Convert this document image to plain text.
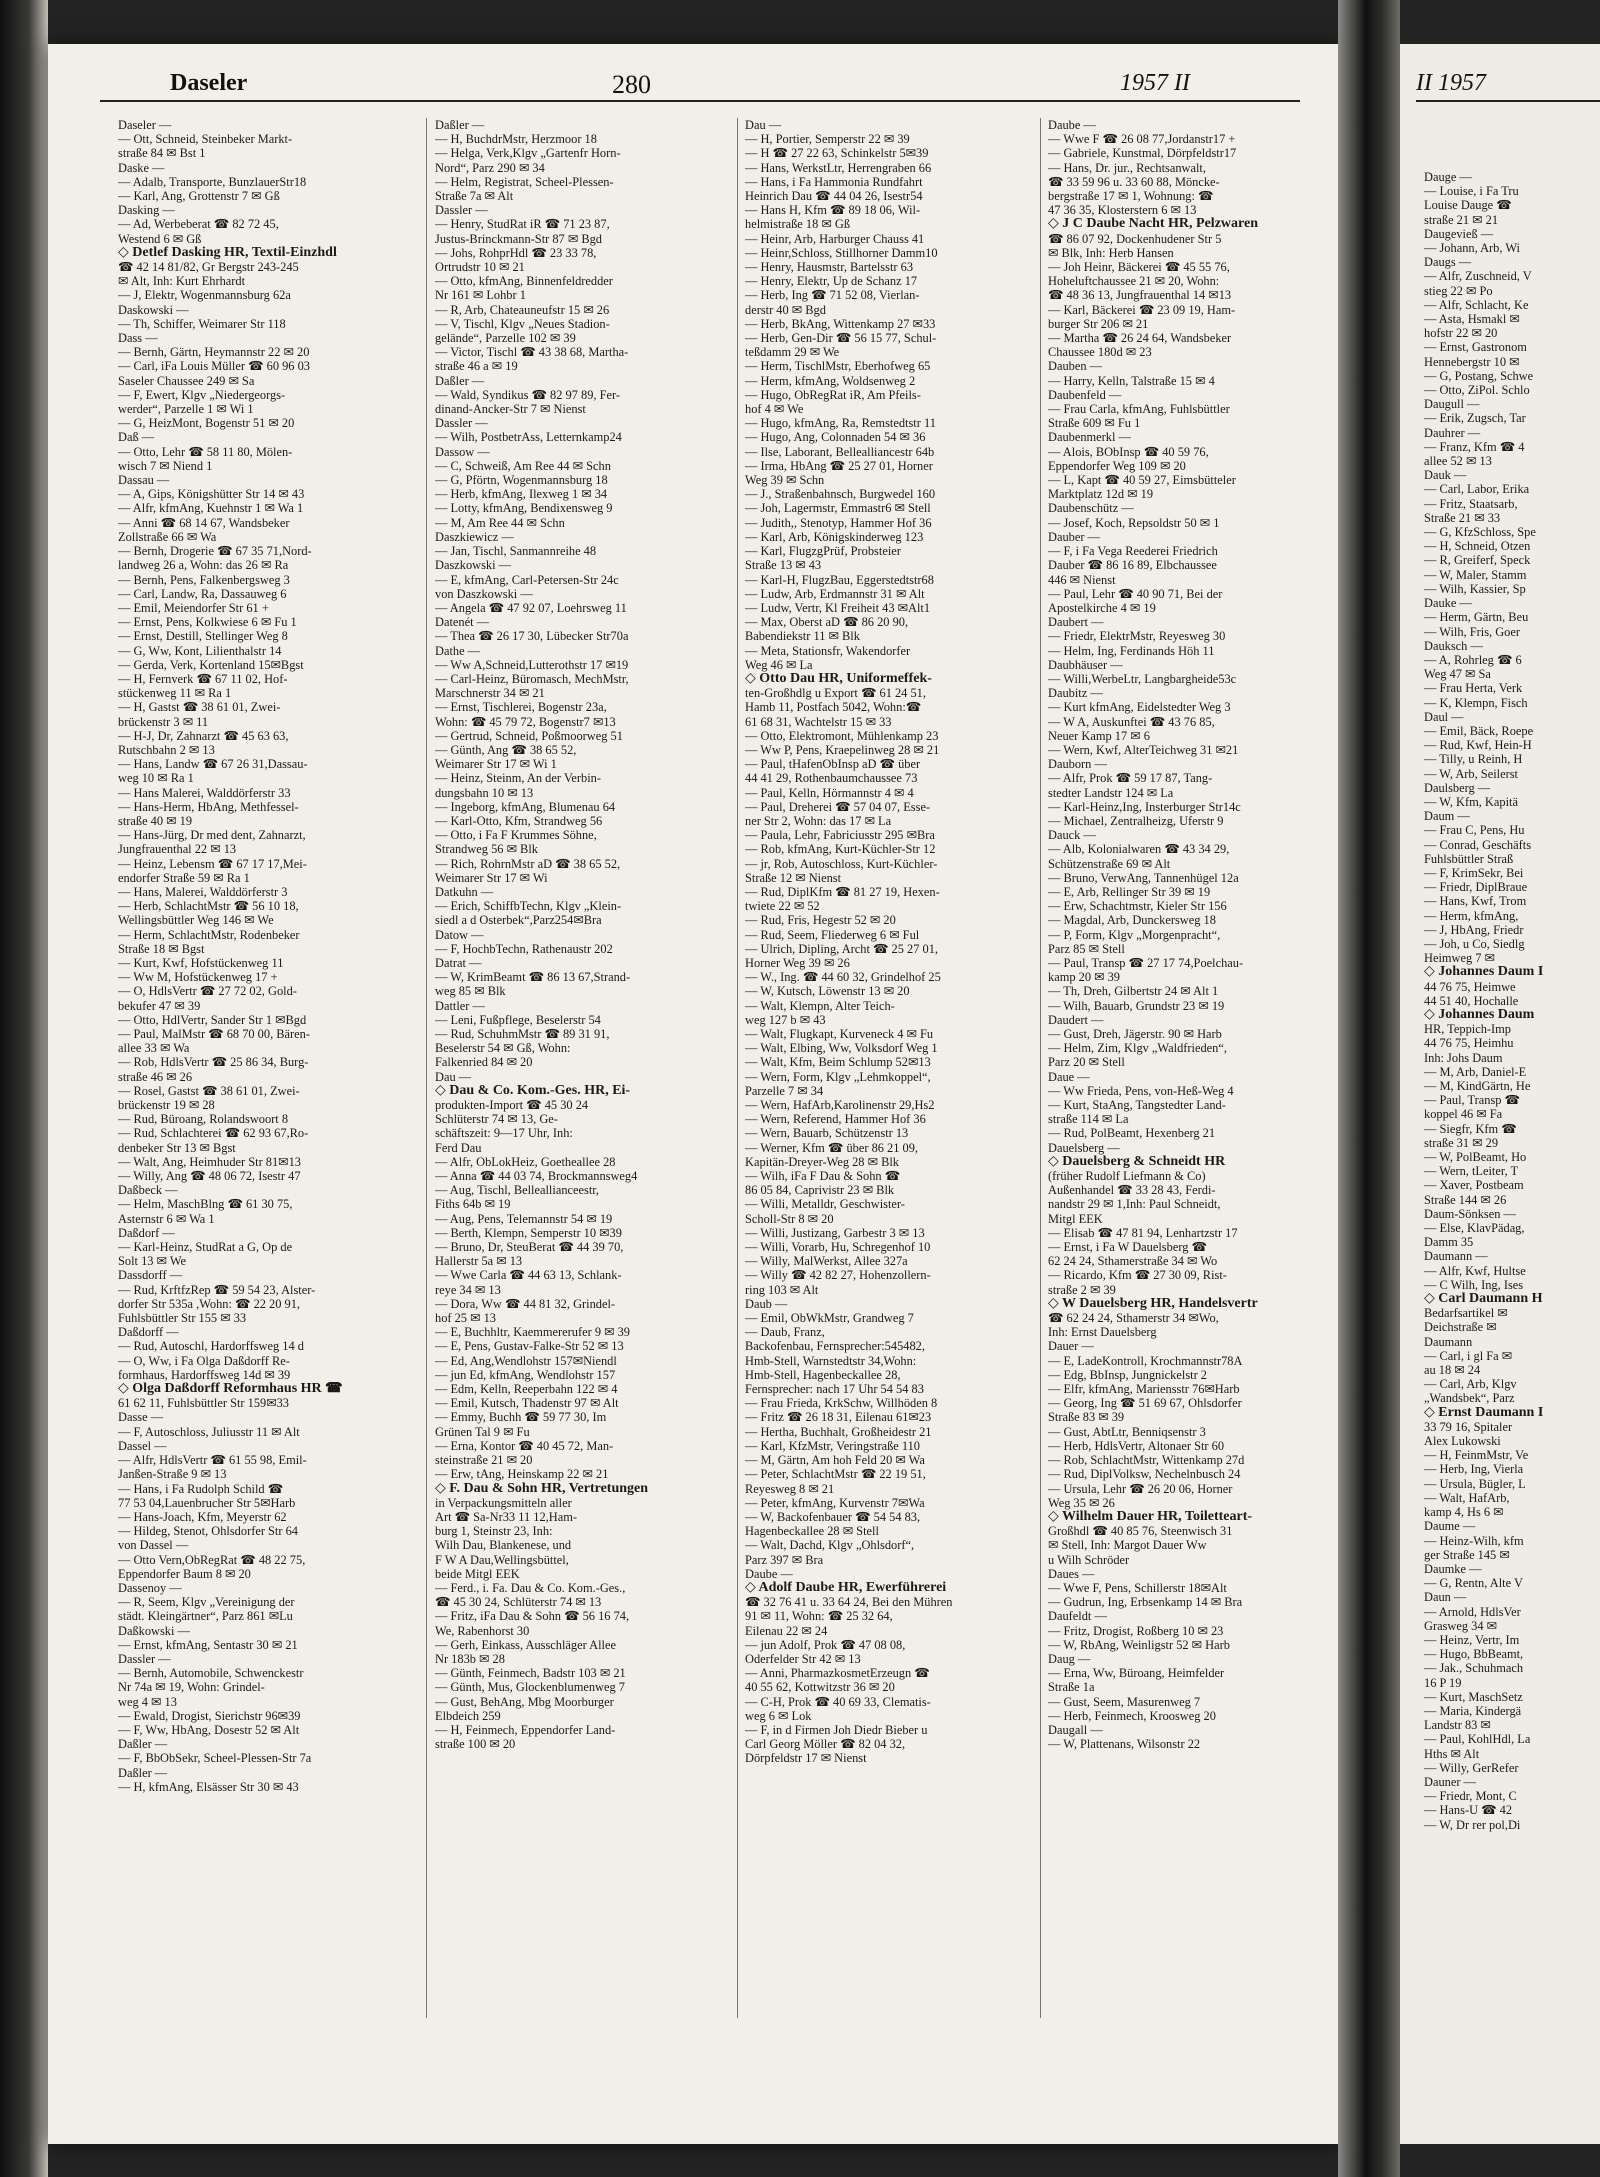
II 1957
Dauge —
— Louise, i Fa Tru
Louise Dauge ☎
straße 21 ✉ 21
Daugevieß —
— Johann, Arb, Wi
Daugs —
— Alfr, Zuschneid, V
stieg 22 ✉ Po
— Alfr, Schlacht, Ke
— Asta, Hsmakl ✉
hofstr 22 ✉ 20
— Ernst, Gastronom
Hennebergstr 10 ✉
— G, Postang, Schwe
— Otto, ZiPol. Schlo
Daugull —
— Erik, Zugsch, Tar
Dauhrer —
— Franz, Kfm ☎ 4
allee 52 ✉ 13
Dauk —
— Carl, Labor, Erika
— Fritz, Staatsarb,
Straße 21 ✉ 33
— G, KfzSchloss, Spe
— H, Schneid, Otzen
— R, Greiferf, Speck
— W, Maler, Stamm
— Wilh, Kassier, Sp
Dauke —
— Herm, Gärtn, Beu
— Wilh, Fris, Goer
Dauksch —
— A, Rohrleg ☎ 6
Weg 47 ✉ Sa
— Frau Herta, Verk
— K, Klempn, Fisch
Daul —
— Emil, Bäck, Roepe
— Rud, Kwf, Hein-H
— Tilly, u Reinh, H
— W, Arb, Seilerst
Daulsberg —
— W, Kfm, Kapitä
Daum —
— Frau C, Pens, Hu
— Conrad, Geschäfts
Fuhlsbüttler Straß
— F, KrimSekr, Bei
— Friedr, DiplBraue
— Hans, Kwf, Trom
— Herm, kfmAng,
— J, HbAng, Friedr
— Joh, u Co, Siedlg
Heimweg 7 ✉
◇ Johannes Daum I
44 76 75, Heimwe
44 51 40, Hochalle
◇ Johannes Daum
HR, Teppich-Imp
44 76 75, Heimhu
Inh: Johs Daum
— M, Arb, Daniel-E
— M, KindGärtn, He
— Paul, Transp ☎
koppel 46 ✉ Fa
— Siegfr, Kfm ☎
straße 31 ✉ 29
— W, PolBeamt, Ho
— Wern, tLeiter, T
— Xaver, Postbeam
Straße 144 ✉ 26
Daum-Sönksen —
— Else, KlavPädag,
Damm 35
Daumann —
— Alfr, Kwf, Hultse
— C Wilh, Ing, Ises
◇ Carl Daumann H
Bedarfsartikel ✉
Deichstraße ✉
Daumann
— Carl, i gl Fa ✉
au 18 ✉ 24
— Carl, Arb, Klgv
„Wandsbek“, Parz
◇ Ernst Daumann I
33 79 16, Spitaler
Alex Lukowski
— H, FeinmMstr, Ve
— Herb, Ing, Vierla
— Ursula, Bügler, L
— Walt, HafArb,
kamp 4, Hs 6 ✉
Daume —
— Heinz-Wilh, kfm
ger Straße 145 ✉
Daumke —
— G, Rentn, Alte V
Daun —
— Arnold, HdlsVer
Grasweg 34 ✉
— Heinz, Vertr, Im
— Hugo, BbBeamt,
— Jak., Schuhmach
16 P 19
— Kurt, MaschSetz
— Maria, Kindergä
Landstr 83 ✉
— Paul, KohlHdl, La
Hths ✉ Alt
— Willy, GerRefer
Dauner —
— Friedr, Mont, C
— Hans-U ☎ 42
— W, Dr rer pol,Di
Daseler	280	1957 II
Daseler —
— Ott, Schneid, Steinbeker Markt-
straße 84 ✉ Bst 1
Daske —
— Adalb, Transporte, BunzlauerStr18
— Karl, Ang, Grottenstr 7 ✉ Gß
Dasking —
— Ad, Werbeberat ☎ 82 72 45,
Westend 6 ✉ Gß
◇ Detlef Dasking HR, Textil-Einzhdl
☎ 42 14 81/82, Gr Bergstr 243-245
✉ Alt, Inh: Kurt Ehrhardt
— J, Elektr, Wogenmannsburg 62a
Daskowski —
— Th, Schiffer, Weimarer Str 118
Dass —
— Bernh, Gärtn, Heymannstr 22 ✉ 20
— Carl, iFa Louis Müller ☎ 60 96 03
Saseler Chaussee 249 ✉ Sa
— F, Ewert, Klgv „Niedergeorgs-
werder“, Parzelle 1 ✉ Wi 1
— G, HeizMont, Bogenstr 51 ✉ 20
Daß —
— Otto, Lehr ☎ 58 11 80, Mölen-
wisch 7 ✉ Niend 1
Dassau —
— A, Gips, Königshütter Str 14 ✉ 43
— Alfr, kfmAng, Kuehnstr 1 ✉ Wa 1
— Anni ☎ 68 14 67, Wandsbeker
Zollstraße 66 ✉ Wa
— Bernh, Drogerie ☎ 67 35 71,Nord-
landweg 26 a, Wohn: das 26 ✉ Ra
— Bernh, Pens, Falkenbergsweg 3
— Carl, Landw, Ra, Dassauweg 6
— Emil, Meiendorfer Str 61 +
— Ernst, Pens, Kolkwiese 6 ✉ Fu 1
— Ernst, Destill, Stellinger Weg 8
— G, Ww, Kont, Lilienthalstr 14
— Gerda, Verk, Kortenland 15✉Bgst
— H, Fernverk ☎ 67 11 02, Hof-
stückenweg 11 ✉ Ra 1
— H, Gastst ☎ 38 61 01, Zwei-
brückenstr 3 ✉ 11
— H-J, Dr, Zahnarzt ☎ 45 63 63,
Rutschbahn 2 ✉ 13
— Hans, Landw ☎ 67 26 31,Dassau-
weg 10 ✉ Ra 1
— Hans Malerei, Walddörferstr 33
— Hans-Herm, HbAng, Methfessel-
straße 40 ✉ 19
— Hans-Jürg, Dr med dent, Zahnarzt,
Jungfrauenthal 22 ✉ 13
— Heinz, Lebensm ☎ 67 17 17,Mei-
endorfer Straße 59 ✉ Ra 1
— Hans, Malerei, Walddörferstr 3
— Herb, SchlachtMstr ☎ 56 10 18,
Wellingsbüttler Weg 146 ✉ We
— Herm, SchlachtMstr, Rodenbeker
Straße 18 ✉ Bgst
— Kurt, Kwf, Hofstückenweg 11
— Ww M, Hofstückenweg 17 +
— O, HdlsVertr ☎ 27 72 02, Gold-
bekufer 47 ✉ 39
— Otto, HdlVertr, Sander Str 1 ✉Bgd
— Paul, MalMstr ☎ 68 70 00, Bären-
allee 33 ✉ Wa
— Rob, HdlsVertr ☎ 25 86 34, Burg-
straße 46 ✉ 26
— Rosel, Gastst ☎ 38 61 01, Zwei-
brückenstr 19 ✉ 28
— Rud, Büroang, Rolandswoort 8
— Rud, Schlachterei ☎ 62 93 67,Ro-
denbeker Str 13 ✉ Bgst
— Walt, Ang, Heimhuder Str 81✉13
— Willy, Ang ☎ 48 06 72, Isestr 47
Daßbeck —
— Helm, MaschBlng ☎ 61 30 75,
Asternstr 6 ✉ Wa 1
Daßdorf —
— Karl-Heinz, StudRat a G, Op de
Solt 13 ✉ We
Dassdorff —
— Rud, KrftfzRep ☎ 59 54 23, Alster-
dorfer Str 535a ,Wohn: ☎ 22 20 91,
Fuhlsbüttler Str 155 ✉ 33
Daßdorff —
— Rud, Autoschl, Hardorffsweg 14 d
— O, Ww, i Fa Olga Daßdorff Re-
formhaus, Hardorffsweg 14d ✉ 39
◇ Olga Daßdorff Reformhaus HR ☎
61 62 11, Fuhlsbüttler Str 159✉33
Dasse —
— F, Autoschloss, Juliusstr 11 ✉ Alt
Dassel —
— Alfr, HdlsVertr ☎ 61 55 98, Emil-
Janßen-Straße 9 ✉ 13
— Hans, i Fa Rudolph Schild ☎
77 53 04,Lauenbrucher Str 5✉Harb
— Hans-Joach, Kfm, Meyerstr 62
— Hildeg, Stenot, Ohlsdorfer Str 64
von Dassel —
— Otto Vern,ObRegRat ☎ 48 22 75,
Eppendorfer Baum 8 ✉ 20
Dassenoy —
— R, Seem, Klgv „Vereinigung der
städt. Kleingärtner“, Parz 861 ✉Lu
Daßkowski —
— Ernst, kfmAng, Sentastr 30 ✉ 21
Dassler —
— Bernh, Automobile, Schwenckestr
Nr 74a ✉ 19, Wohn: Grindel-
weg 4 ✉ 13
— Ewald, Drogist, Sierichstr 96✉39
— F, Ww, HbAng, Dosestr 52 ✉ Alt
Daßler —
— F, BbObSekr, Scheel-Plessen-Str 7a
Daßler —
— H, kfmAng, Elsässer Str 30 ✉ 43
Daßler —
— H, BuchdrMstr, Herzmoor 18
— Helga, Verk,Klgv „Gartenfr Horn-
Nord“, Parz 290 ✉ 34
— Helm, Registrat, Scheel-Plessen-
Straße 7a ✉ Alt
Dassler —
— Henry, StudRat iR ☎ 71 23 87,
Justus-Brinckmann-Str 87 ✉ Bgd
— Johs, RohprHdl ☎ 23 33 78,
Ortrudstr 10 ✉ 21
— Otto, kfmAng, Binnenfeldredder
Nr 161 ✉ Lohbr 1
— R, Arb, Chateauneufstr 15 ✉ 26
— V, Tischl, Klgv „Neues Stadion-
gelände“, Parzelle 102 ✉ 39
— Victor, Tischl ☎ 43 38 68, Martha-
straße 46 a ✉ 19
Daßler —
— Wald, Syndikus ☎ 82 97 89, Fer-
dinand-Ancker-Str 7 ✉ Nienst
Dassler —
— Wilh, PostbetrAss, Letternkamp24
Dassow —
— C, Schweiß, Am Ree 44 ✉ Schn
— G, Pförtn, Wogenmannsburg 18
— Herb, kfmAng, Ilexweg 1 ✉ 34
— Lotty, kfmAng, Bendixensweg 9
— M, Am Ree 44 ✉ Schn
Daszkiewicz —
— Jan, Tischl, Sanmannreihe 48
Daszkowski —
— E, kfmAng, Carl-Petersen-Str 24c
von Daszkowski —
— Angela ☎ 47 92 07, Loehrsweg 11
Datenét —
— Thea ☎ 26 17 30, Lübecker Str70a
Dathe —
— Ww A,Schneid,Lutterothstr 17 ✉19
— Carl-Heinz, Büromasch, MechMstr,
Marschnerstr 34 ✉ 21
— Ernst, Tischlerei, Bogenstr 23a,
Wohn: ☎ 45 79 72, Bogenstr7 ✉13
— Gertrud, Schneid, Poßmoorweg 51
— Günth, Ang ☎ 38 65 52,
Weimarer Str 17 ✉ Wi 1
— Heinz, Steinm, An der Verbin-
dungsbahn 10 ✉ 13
— Ingeborg, kfmAng, Blumenau 64
— Karl-Otto, Kfm, Strandweg 56
— Otto, i Fa F Krummes Söhne,
Strandweg 56 ✉ Blk
— Rich, RohrnMstr aD ☎ 38 65 52,
Weimarer Str 17 ✉ Wi
Datkuhn —
— Erich, SchiffbTechn, Klgv „Klein-
siedl a d Osterbek“,Parz254✉Bra
Datow —
— F, HochbTechn, Rathenaustr 202
Datrat —
— W, KrimBeamt ☎ 86 13 67,Strand-
weg 85 ✉ Blk
Dattler —
— Leni, Fußpflege, Beselerstr 54
— Rud, SchuhmMstr ☎ 89 31 91,
Beselerstr 54 ✉ Gß, Wohn:
Falkenried 84 ✉ 20
Dau —
◇ Dau & Co. Kom.-Ges. HR, Ei-
produkten-Import ☎ 45 30 24
Schlüterstr 74 ✉ 13, Ge-
schäftszeit: 9—17 Uhr, Inh:
Ferd Dau
— Alfr, ObLokHeiz, Goetheallee 28
— Anna ☎ 44 03 74, Brockmannsweg4
— Aug, Tischl, Belleallianceestr,
Fiths 64b ✉ 19
— Aug, Pens, Telemannstr 54 ✉ 19
— Berth, Klempn, Semperstr 10 ✉39
— Bruno, Dr, SteuBerat ☎ 44 39 70,
Hallerstr 5a ✉ 13
— Wwe Carla ☎ 44 63 13, Schlank-
reye 34 ✉ 13
— Dora, Ww ☎ 44 81 32, Grindel-
hof 25 ✉ 13
— E, Buchhltr, Kaemmererufer 9 ✉ 39
— E, Pens, Gustav-Falke-Str 52 ✉ 13
— Ed, Ang,Wendlohstr 157✉Niendl
— jun Ed, kfmAng, Wendlohstr 157
— Edm, Kelln, Reeperbahn 122 ✉ 4
— Emil, Kutsch, Thadenstr 97 ✉ Alt
— Emmy, Buchh ☎ 59 77 30, Im
Grünen Tal 9 ✉ Fu
— Erna, Kontor ☎ 40 45 72, Man-
steinstraße 21 ✉ 20
— Erw, tAng, Heinskamp 22 ✉ 21
◇ F. Dau & Sohn HR, Vertretungen
in Verpackungsmitteln aller
Art ☎ Sa-Nr33 11 12,Ham-
burg 1, Steinstr 23, Inh:
Wilh Dau, Blankenese, und
F W A Dau,Wellingsbüttel,
beide Mitgl EEK
— Ferd., i. Fa. Dau & Co. Kom.-Ges.,
☎ 45 30 24, Schlüterstr 74 ✉ 13
— Fritz, iFa Dau & Sohn ☎ 56 16 74,
We, Rabenhorst 30
— Gerh, Einkass, Ausschläger Allee
Nr 183b ✉ 28
— Günth, Feinmech, Badstr 103 ✉ 21
— Günth, Mus, Glockenblumenweg 7
— Gust, BehAng, Mbg Moorburger
Elbdeich 259
— H, Feinmech, Eppendorfer Land-
straße 100 ✉ 20
Dau —
— H, Portier, Semperstr 22 ✉ 39
— H ☎ 27 22 63, Schinkelstr 5✉39
— Hans, WerkstLtr, Herrengraben 66
— Hans, i Fa Hammonia Rundfahrt
Heinrich Dau ☎ 44 04 26, Isestr54
— Hans H, Kfm ☎ 89 18 06, Wil-
helmistraße 18 ✉ Gß
— Heinr, Arb, Harburger Chauss 41
— Heinr,Schloss, Stillhorner Damm10
— Henry, Hausmstr, Bartelsstr 63
— Henry, Elektr, Up de Schanz 17
— Herb, Ing ☎ 71 52 08, Vierlan-
derstr 40 ✉ Bgd
— Herb, BkAng, Wittenkamp 27 ✉33
— Herb, Gen-Dir ☎ 56 15 77, Schul-
teßdamm 29 ✉ We
— Herm, TischlMstr, Eberhofweg 65
— Herm, kfmAng, Woldsenweg 2
— Hugo, ObRegRat iR, Am Pfeils-
hof 4 ✉ We
— Hugo, kfmAng, Ra, Remstedtstr 11
— Hugo, Ang, Colonnaden 54 ✉ 36
— Ilse, Laborant, Bellealliancestr 64b
— Irma, HbAng ☎ 25 27 01, Horner
Weg 39 ✉ Schn
— J., Straßenbahnsch, Burgwedel 160
— Joh, Lagermstr, Emmastr6 ✉ Stell
— Judith,, Stenotyp, Hammer Hof 36
— Karl, Arb, Königskinderweg 123
— Karl, FlugzgPrüf, Probsteier
Straße 13 ✉ 43
— Karl-H, FlugzBau, Eggerstedtstr68
— Ludw, Arb, Erdmannstr 31 ✉ Alt
— Ludw, Vertr, Kl Freiheit 43 ✉Alt1
— Max, Oberst aD ☎ 86 20 90,
Babendiekstr 11 ✉ Blk
— Meta, Stationsfr, Wakendorfer
Weg 46 ✉ La
◇ Otto Dau HR, Uniformeffek-
ten-Großhdlg u Export ☎ 61 24 51,
Hamb 11, Postfach 5042, Wohn:☎
61 68 31, Wachtelstr 15 ✉ 33
— Otto, Elektromont, Mühlenkamp 23
— Ww P, Pens, Kraepelinweg 28 ✉ 21
— Paul, tHafenObInsp aD ☎ über
44 41 29, Rothenbaumchaussee 73
— Paul, Kelln, Hörmannstr 4 ✉ 4
— Paul, Dreherei ☎ 57 04 07, Esse-
ner Str 2, Wohn: das 17 ✉ La
— Paula, Lehr, Fabriciusstr 295 ✉Bra
— Rob, kfmAng, Kurt-Küchler-Str 12
— jr, Rob, Autoschloss, Kurt-Küchler-
Straße 12 ✉ Nienst
— Rud, DiplKfm ☎ 81 27 19, Hexen-
twiete 22 ✉ 52
— Rud, Fris, Hegestr 52 ✉ 20
— Rud, Seem, Fliederweg 6 ✉ Ful
— Ulrich, Dipling, Archt ☎ 25 27 01,
Horner Weg 39 ✉ 26
— W., Ing. ☎ 44 60 32, Grindelhof 25
— W, Kutsch, Löwenstr 13 ✉ 20
— Walt, Klempn, Alter Teich-
weg 127 b ✉ 43
— Walt, Flugkapt, Kurveneck 4 ✉ Fu
— Walt, Elbing, Ww, Volksdorf Weg 1
— Walt, Kfm, Beim Schlump 52✉13
— Wern, Form, Klgv „Lehmkoppel“,
Parzelle 7 ✉ 34
— Wern, HafArb,Karolinenstr 29,Hs2
— Wern, Referend, Hammer Hof 36
— Wern, Bauarb, Schützenstr 13
— Werner, Kfm ☎ über 86 21 09,
Kapitän-Dreyer-Weg 28 ✉ Blk
— Wilh, iFa F Dau & Sohn ☎
86 05 84, Caprivistr 23 ✉ Blk
— Willi, Metalldr, Geschwister-
Scholl-Str 8 ✉ 20
— Willi, Justizang, Garbestr 3 ✉ 13
— Willi, Vorarb, Hu, Schregenhof 10
— Willy, MalWerkst, Allee 327a
— Willy ☎ 42 82 27, Hohenzollern-
ring 103 ✉ Alt
Daub —
— Emil, ObWkMstr, Grandweg 7
— Daub, Franz,
Backofenbau, Fernsprecher:545482,
Hmb-Stell, Warnstedtstr 34,Wohn:
Hmb-Stell, Hagenbeckallee 28,
Fernsprecher: nach 17 Uhr 54 54 83
— Frau Frieda, KrkSchw, Willhöden 8
— Fritz ☎ 26 18 31, Eilenau 61✉23
— Hertha, Buchhalt, Großheidestr 21
— Karl, KfzMstr, Veringstraße 110
— M, Gärtn, Am hoh Feld 20 ✉ Wa
— Peter, SchlachtMstr ☎ 22 19 51,
Reyesweg 8 ✉ 21
— Peter, kfmAng, Kurvenstr 7✉Wa
— W, Backofenbauer ☎ 54 54 83,
Hagenbeckallee 28 ✉ Stell
— Walt, Dachd, Klgv „Ohlsdorf“,
Parz 397 ✉ Bra
Daube —
◇ Adolf Daube HR, Ewerführerei
☎ 32 76 41 u. 33 64 24, Bei den Mühren
91 ✉ 11, Wohn: ☎ 25 32 64,
Eilenau 22 ✉ 24
— jun Adolf, Prok ☎ 47 08 08,
Oderfelder Str 42 ✉ 13
— Anni, PharmazkosmetErzeugn ☎
40 55 62, Kottwitzstr 36 ✉ 20
— C-H, Prok ☎ 40 69 33, Clematis-
weg 6 ✉ Lok
— F, in d Firmen Joh Diedr Bieber u
Carl Georg Möller ☎ 82 04 32,
Dörpfeldstr 17 ✉ Nienst
Daube —
— Wwe F ☎ 26 08 77,Jordanstr17 +
— Gabriele, Kunstmal, Dörpfeldstr17
— Hans, Dr. jur., Rechtsanwalt,
☎ 33 59 96 u. 33 60 88, Möncke-
bergstraße 17 ✉ 1, Wohnung: ☎
47 36 35, Klosterstern 6 ✉ 13
◇ J C Daube Nacht HR, Pelzwaren
☎ 86 07 92, Dockenhudener Str 5
✉ Blk, Inh: Herb Hansen
— Joh Heinr, Bäckerei ☎ 45 55 76,
Hoheluftchaussee 21 ✉ 20, Wohn:
☎ 48 36 13, Jungfrauenthal 14 ✉13
— Karl, Bäckerei ☎ 23 09 19, Ham-
burger Str 206 ✉ 21
— Martha ☎ 26 24 64, Wandsbeker
Chaussee 180d ✉ 23
Dauben —
— Harry, Kelln, Talstraße 15 ✉ 4
Daubenfeld —
— Frau Carla, kfmAng, Fuhlsbüttler
Straße 609 ✉ Fu 1
Daubenmerkl —
— Alois, BObInsp ☎ 40 59 76,
Eppendorfer Weg 109 ✉ 20
— L, Kapt ☎ 40 59 27, Eimsbütteler
Marktplatz 12d ✉ 19
Daubenschütz —
— Josef, Koch, Repsoldstr 50 ✉ 1
Dauber —
— F, i Fa Vega Reederei Friedrich
Dauber ☎ 86 16 89, Elbchaussee
446 ✉ Nienst
— Paul, Lehr ☎ 40 90 71, Bei der
Apostelkirche 4 ✉ 19
Daubert —
— Friedr, ElektrMstr, Reyesweg 30
— Helm, Ing, Ferdinands Höh 11
Daubhäuser —
— Willi,WerbeLtr, Langbargheide53c
Daubitz —
— Kurt kfmAng, Eidelstedter Weg 3
— W A, Auskunftei ☎ 43 76 85,
Neuer Kamp 17 ✉ 6
— Wern, Kwf, AlterTeichweg 31 ✉21
Dauborn —
— Alfr, Prok ☎ 59 17 87, Tang-
stedter Landstr 124 ✉ La
— Karl-Heinz,Ing, Insterburger Str14c
— Michael, Zentralheizg, Uferstr 9
Dauck —
— Alb, Kolonialwaren ☎ 43 34 29,
Schützenstraße 69 ✉ Alt
— Bruno, VerwAng, Tannenhügel 12a
— E, Arb, Rellinger Str 39 ✉ 19
— Erw, Schachtmstr, Kieler Str 156
— Magdal, Arb, Dunckersweg 18
— P, Form, Klgv „Morgenpracht“,
Parz 85 ✉ Stell
— Paul, Transp ☎ 27 17 74,Poelchau-
kamp 20 ✉ 39
— Th, Dreh, Gilbertstr 24 ✉ Alt 1
— Wilh, Bauarb, Grundstr 23 ✉ 19
Daudert —
— Gust, Dreh, Jägerstr. 90 ✉ Harb
— Helm, Zim, Klgv „Waldfrieden“,
Parz 20 ✉ Stell
Daue —
— Ww Frieda, Pens, von-Heß-Weg 4
— Kurt, StaAng, Tangstedter Land-
straße 114 ✉ La
— Rud, PolBeamt, Hexenberg 21
Dauelsberg —
◇ Dauelsberg & Schneidt HR
(früher Rudolf Liefmann & Co)
Außenhandel ☎ 33 28 43, Ferdi-
nandstr 29 ✉ 1,Inh: Paul Schneidt,
Mitgl EEK
— Elisab ☎ 47 81 94, Lenhartzstr 17
— Ernst, i Fa W Dauelsberg ☎
62 24 24, Sthamerstraße 34 ✉ Wo
— Ricardo, Kfm ☎ 27 30 09, Rist-
straße 2 ✉ 39
◇ W Dauelsberg HR, Handelsvertr
☎ 62 24 24, Sthamerstr 34 ✉Wo,
Inh: Ernst Dauelsberg
Dauer —
— E, LadeKontroll, Krochmannstr78A
— Edg, BbInsp, Jungnickelstr 2
— Elfr, kfmAng, Mariensstr 76✉Harb
— Georg, Ing ☎ 51 69 67, Ohlsdorfer
Straße 83 ✉ 39
— Gust, AbtLtr, Benniqsenstr 3
— Herb, HdlsVertr, Altonaer Str 60
— Rob, SchlachtMstr, Wittenkamp 27d
— Rud, DiplVolksw, Nechelnbusch 24
— Ursula, Lehr ☎ 26 20 06, Horner
Weg 35 ✉ 26
◇ Wilhelm Dauer HR, Toiletteart-
Großhdl ☎ 40 85 76, Steenwisch 31
✉ Stell, Inh: Margot Dauer Ww
u Wilh Schröder
Daues —
— Wwe F, Pens, Schillerstr 18✉Alt
— Gudrun, Ing, Erbsenkamp 14 ✉ Bra
Daufeldt —
— Fritz, Drogist, Roßberg 10 ✉ 23
— W, RbAng, Weinligstr 52 ✉ Harb
Daug —
— Erna, Ww, Büroang, Heimfelder
Straße 1a
— Gust, Seem, Masurenweg 7
— Herb, Feinmech, Kroosweg 20
Daugall —
— W, Plattenans, Wilsonstr 22
